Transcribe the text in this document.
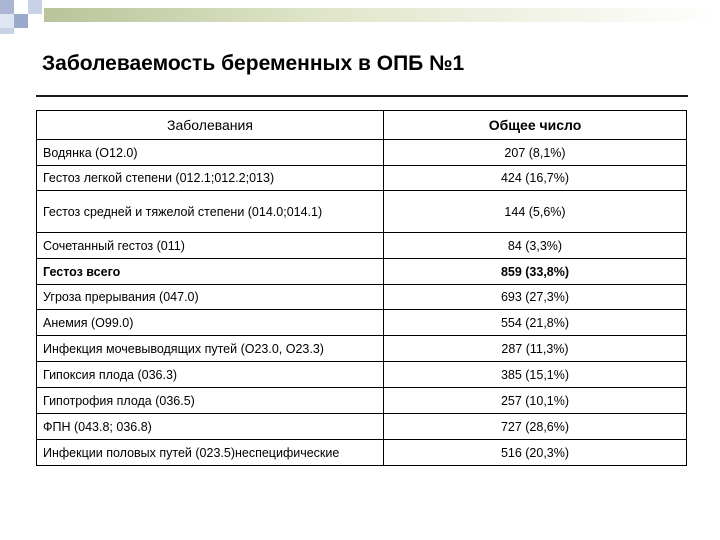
Заболеваемость беременных в ОПБ №1
Заболевания	Общее число
Водянка (О12.0)	207 (8,1%)
Гестоз легкой степени (012.1;012.2;013)	424 (16,7%)
Гестоз средней и тяжелой степени (014.0;014.1)	144 (5,6%)
Сочетанный гестоз (011)	84 (3,3%)
Гестоз всего	859 (33,8%)
Угроза прерывания (047.0)	693 (27,3%)
Анемия (О99.0)	554 (21,8%)
Инфекция мочевыводящих путей (О23.0, О23.3)	287 (11,3%)
Гипоксия плода (036.3)	385 (15,1%)
Гипотрофия плода (036.5)	257 (10,1%)
ФПН (043.8; 036.8)	727 (28,6%)
Инфекции половых путей (023.5)неспецифические	516 (20,3%)
